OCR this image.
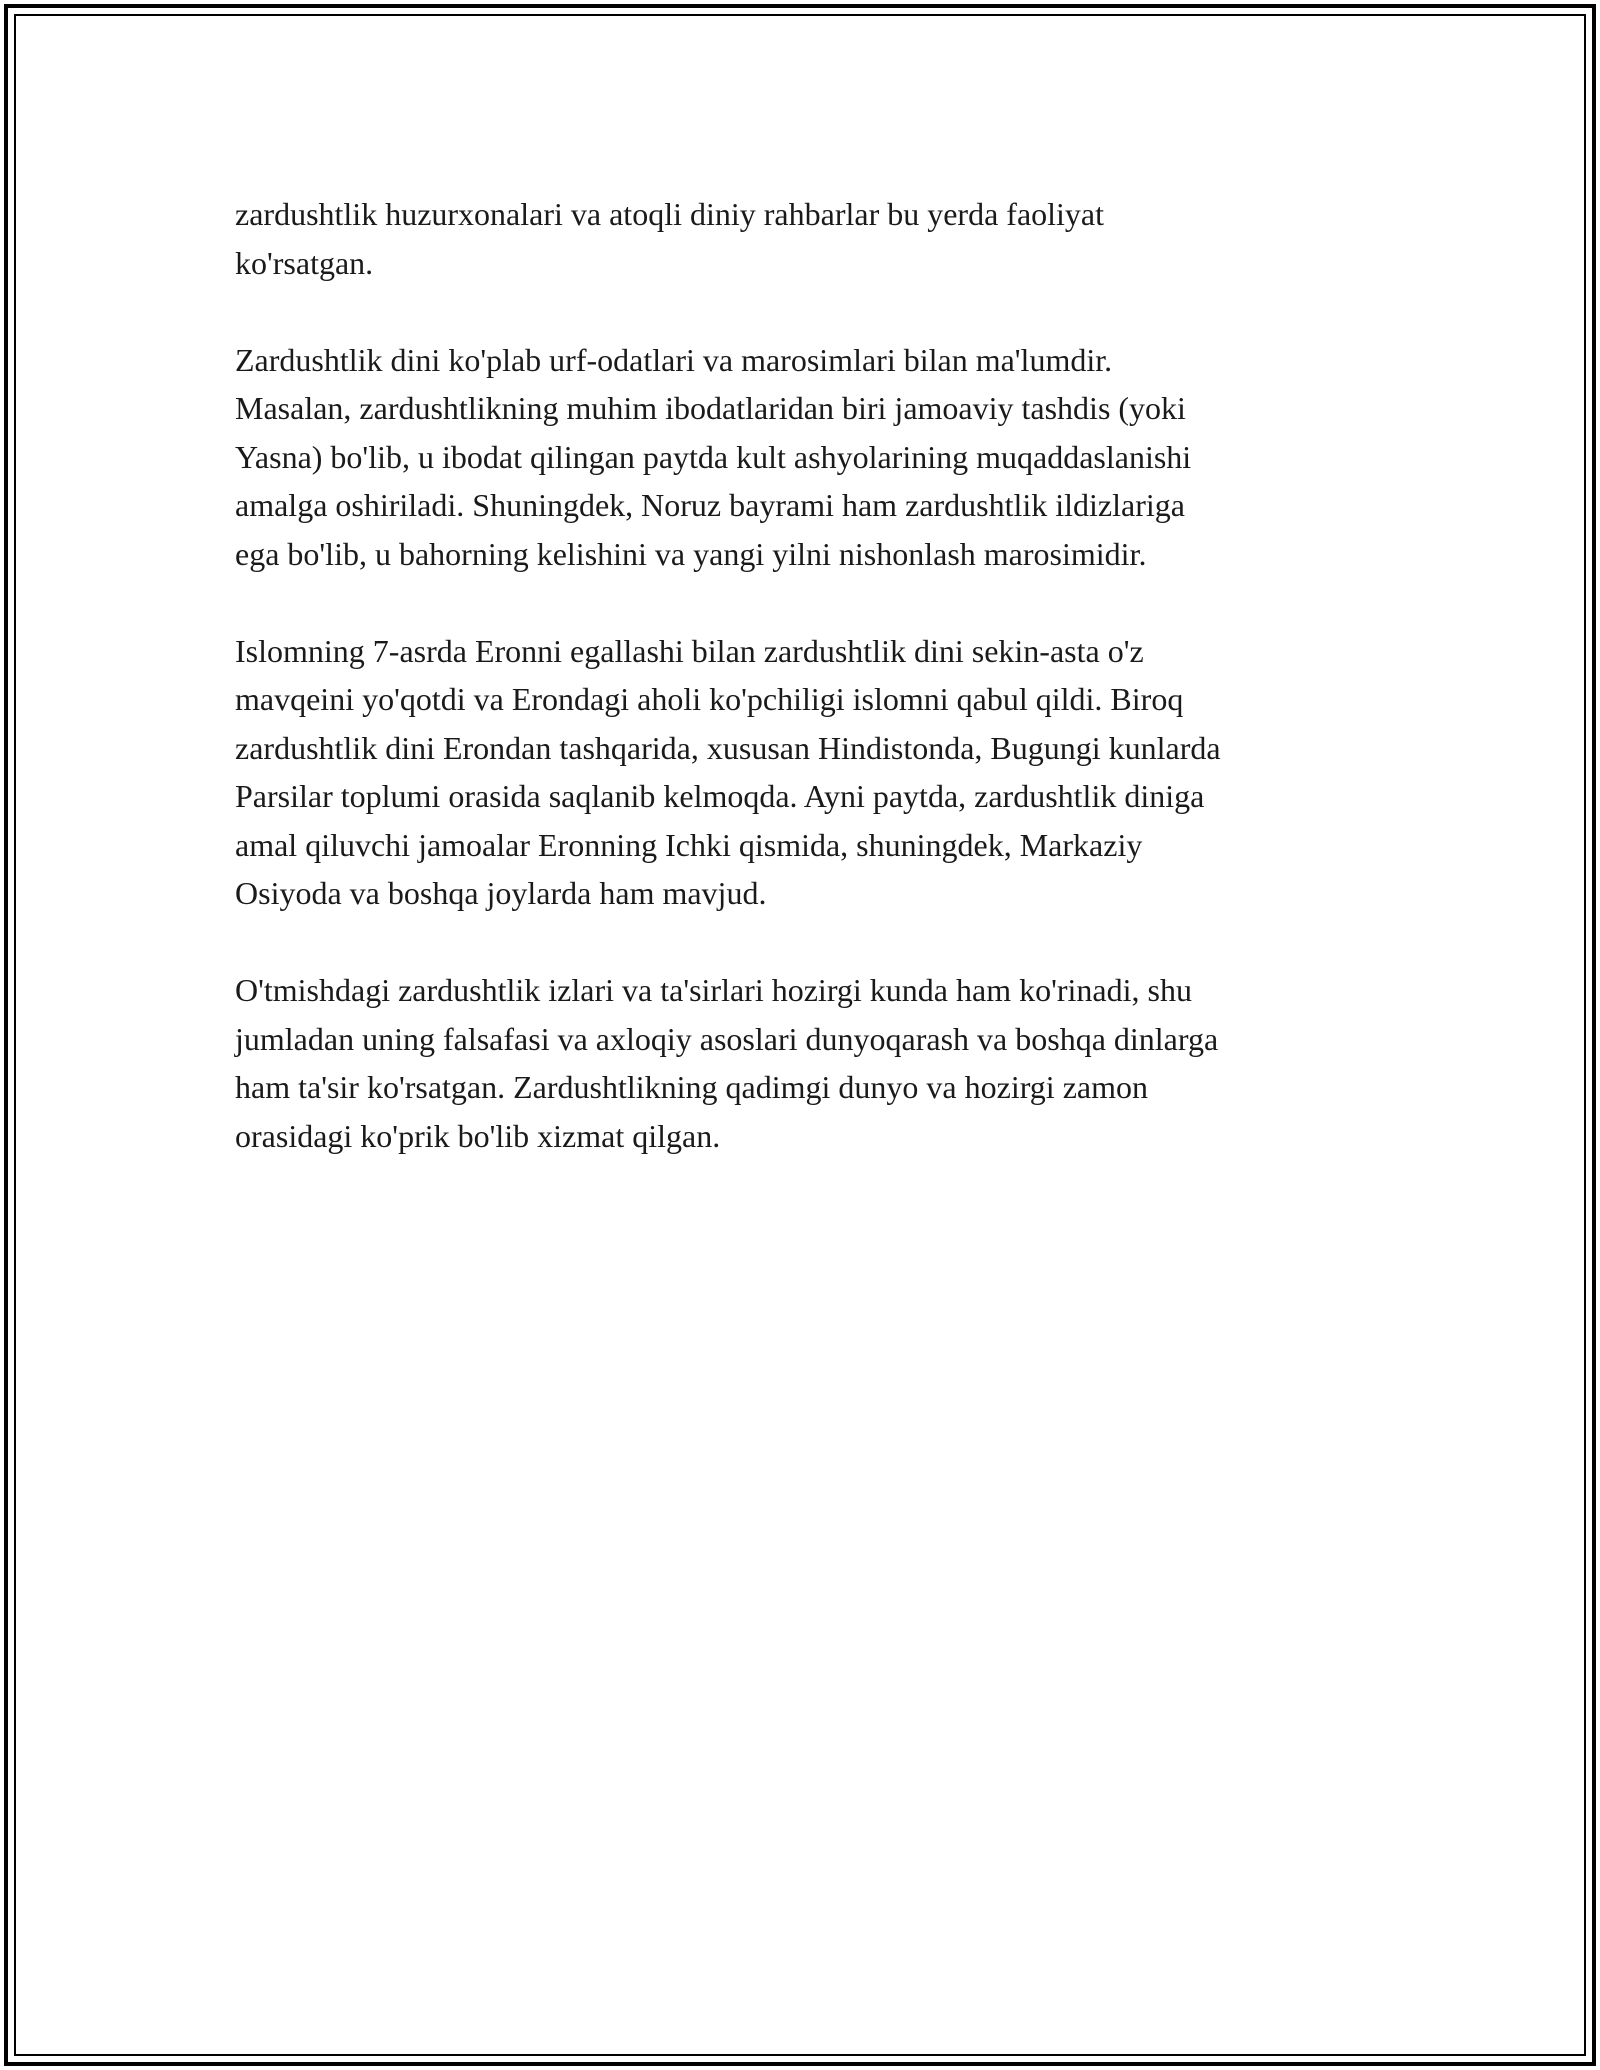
zardushtlik huzurxonalari va atoqli diniy rahbarlar bu yerda faoliyat
ko'rsatgan.

Zardushtlik dini ko'plab urf-odatlari va marosimlari bilan ma'lumdir.
Masalan, zardushtlikning muhim ibodatlaridan biri jamoaviy tashdis (yoki
Yasna) bo'lib, u ibodat qilingan paytda kult ashyolarining muqaddaslanishi
amalga oshiriladi. Shuningdek, Noruz bayrami ham zardushtlik ildizlariga
ega bo'lib, u bahorning kelishini va yangi yilni nishonlash marosimidir.

Islomning 7-asrda Eronni egallashi bilan zardushtlik dini sekin-asta o'z
mavqeini yo'qotdi va Erondagi aholi ko'pchiligi islomni qabul qildi. Biroq
zardushtlik dini Erondan tashqarida, xususan Hindistonda, Bugungi kunlarda
Parsilar toplumi orasida saqlanib kelmoqda. Ayni paytda, zardushtlik diniga
amal qiluvchi jamoalar Eronning Ichki qismida, shuningdek, Markaziy
Osiyoda va boshqa joylarda ham mavjud.

O'tmishdagi zardushtlik izlari va ta'sirlari hozirgi kunda ham ko'rinadi, shu
jumladan uning falsafasi va axloqiy asoslari dunyoqarash va boshqa dinlarga
ham ta'sir ko'rsatgan. Zardushtlikning qadimgi dunyo va hozirgi zamon
orasidagi ko'prik bo'lib xizmat qilgan.
